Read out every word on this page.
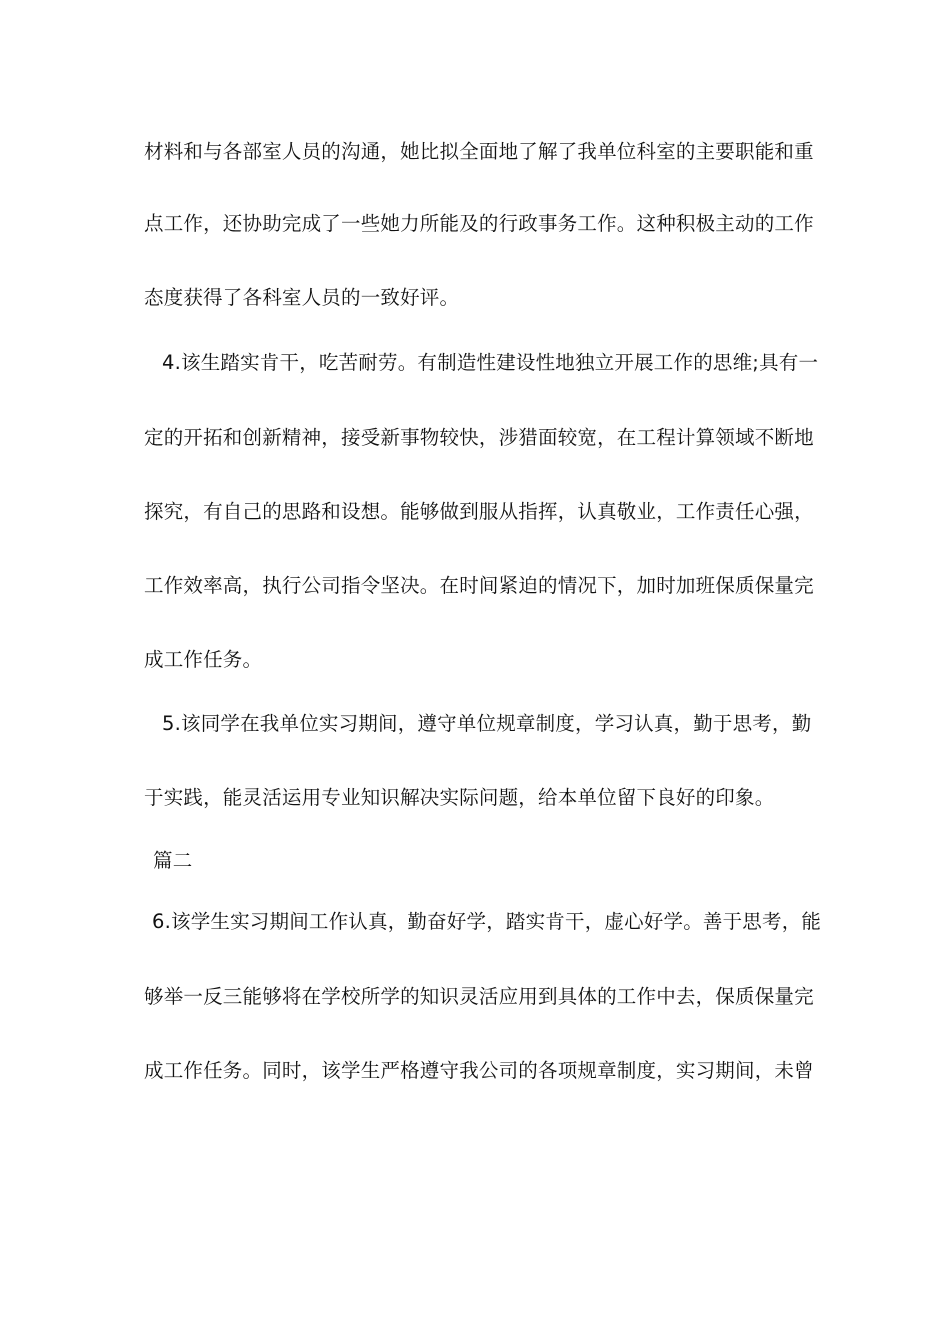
材料和与各部室人员的沟通，她比拟全面地了解了我单位科室的主要职能和重
点工作，还协助完成了一些她力所能及的行政事务工作。这种积极主动的工作
态度获得了各科室人员的一致好评。
4.该生踏实肯干，吃苦耐劳。有制造性建设性地独立开展工作的思维;具有一
定的开拓和创新精神，接受新事物较快，涉猎面较宽，在工程计算领域不断地
探究，有自己的思路和设想。能够做到服从指挥，认真敬业，工作责任心强，
工作效率高，执行公司指令坚决。在时间紧迫的情况下，加时加班保质保量完
成工作任务。
5.该同学在我单位实习期间，遵守单位规章制度，学习认真，勤于思考，勤
于实践，能灵活运用专业知识解决实际问题，给本单位留下良好的印象。
篇二
6.该学生实习期间工作认真，勤奋好学，踏实肯干，虚心好学。善于思考，能
够举一反三能够将在学校所学的知识灵活应用到具体的工作中去，保质保量完
成工作任务。同时，该学生严格遵守我公司的各项规章制度，实习期间，未曾
